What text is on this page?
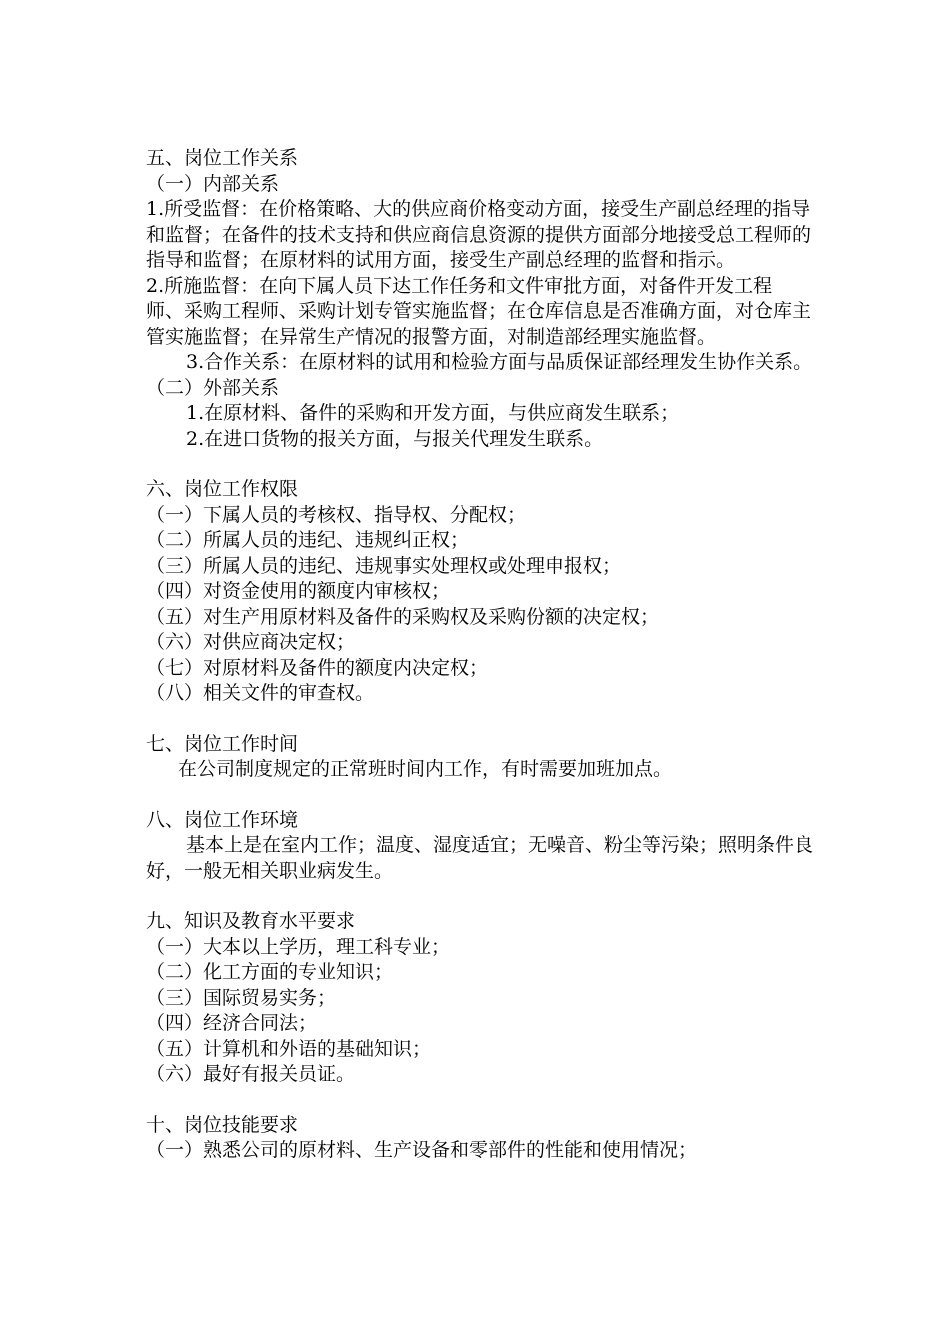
五、岗位工作关系
（一）内部关系
1.所受监督：在价格策略、大的供应商价格变动方面，接受生产副总经理的指导和监督；在备件的技术支持和供应商信息资源的提供方面部分地接受总工程师的指导和监督；在原材料的试用方面，接受生产副总经理的监督和指示。
2.所施监督：在向下属人员下达工作任务和文件审批方面，对备件开发工程
师、采购工程师、采购计划专管实施监督；在仓库信息是否准确方面，对仓库主管实施监督；在异常生产情况的报警方面，对制造部经理实施监督。
3.合作关系：在原材料的试用和检验方面与品质保证部经理发生协作关系。
（二）外部关系
1.在原材料、备件的采购和开发方面，与供应商发生联系；
2.在进口货物的报关方面，与报关代理发生联系。
六、岗位工作权限
（一）下属人员的考核权、指导权、分配权；
（二）所属人员的违纪、违规纠正权；
（三）所属人员的违纪、违规事实处理权或处理申报权；
（四）对资金使用的额度内审核权；
（五）对生产用原材料及备件的采购权及采购份额的决定权；
（六）对供应商决定权；
（七）对原材料及备件的额度内决定权；
（八）相关文件的审查权。
七、岗位工作时间
在公司制度规定的正常班时间内工作，有时需要加班加点。
八、岗位工作环境
基本上是在室内工作；温度、湿度适宜；无噪音、粉尘等污染；照明条件良好，一般无相关职业病发生。
九、知识及教育水平要求
（一）大本以上学历，理工科专业；
（二）化工方面的专业知识；
（三）国际贸易实务；
（四）经济合同法；
（五）计算机和外语的基础知识；
（六）最好有报关员证。
十、岗位技能要求
（一）熟悉公司的原材料、生产设备和零部件的性能和使用情况；
